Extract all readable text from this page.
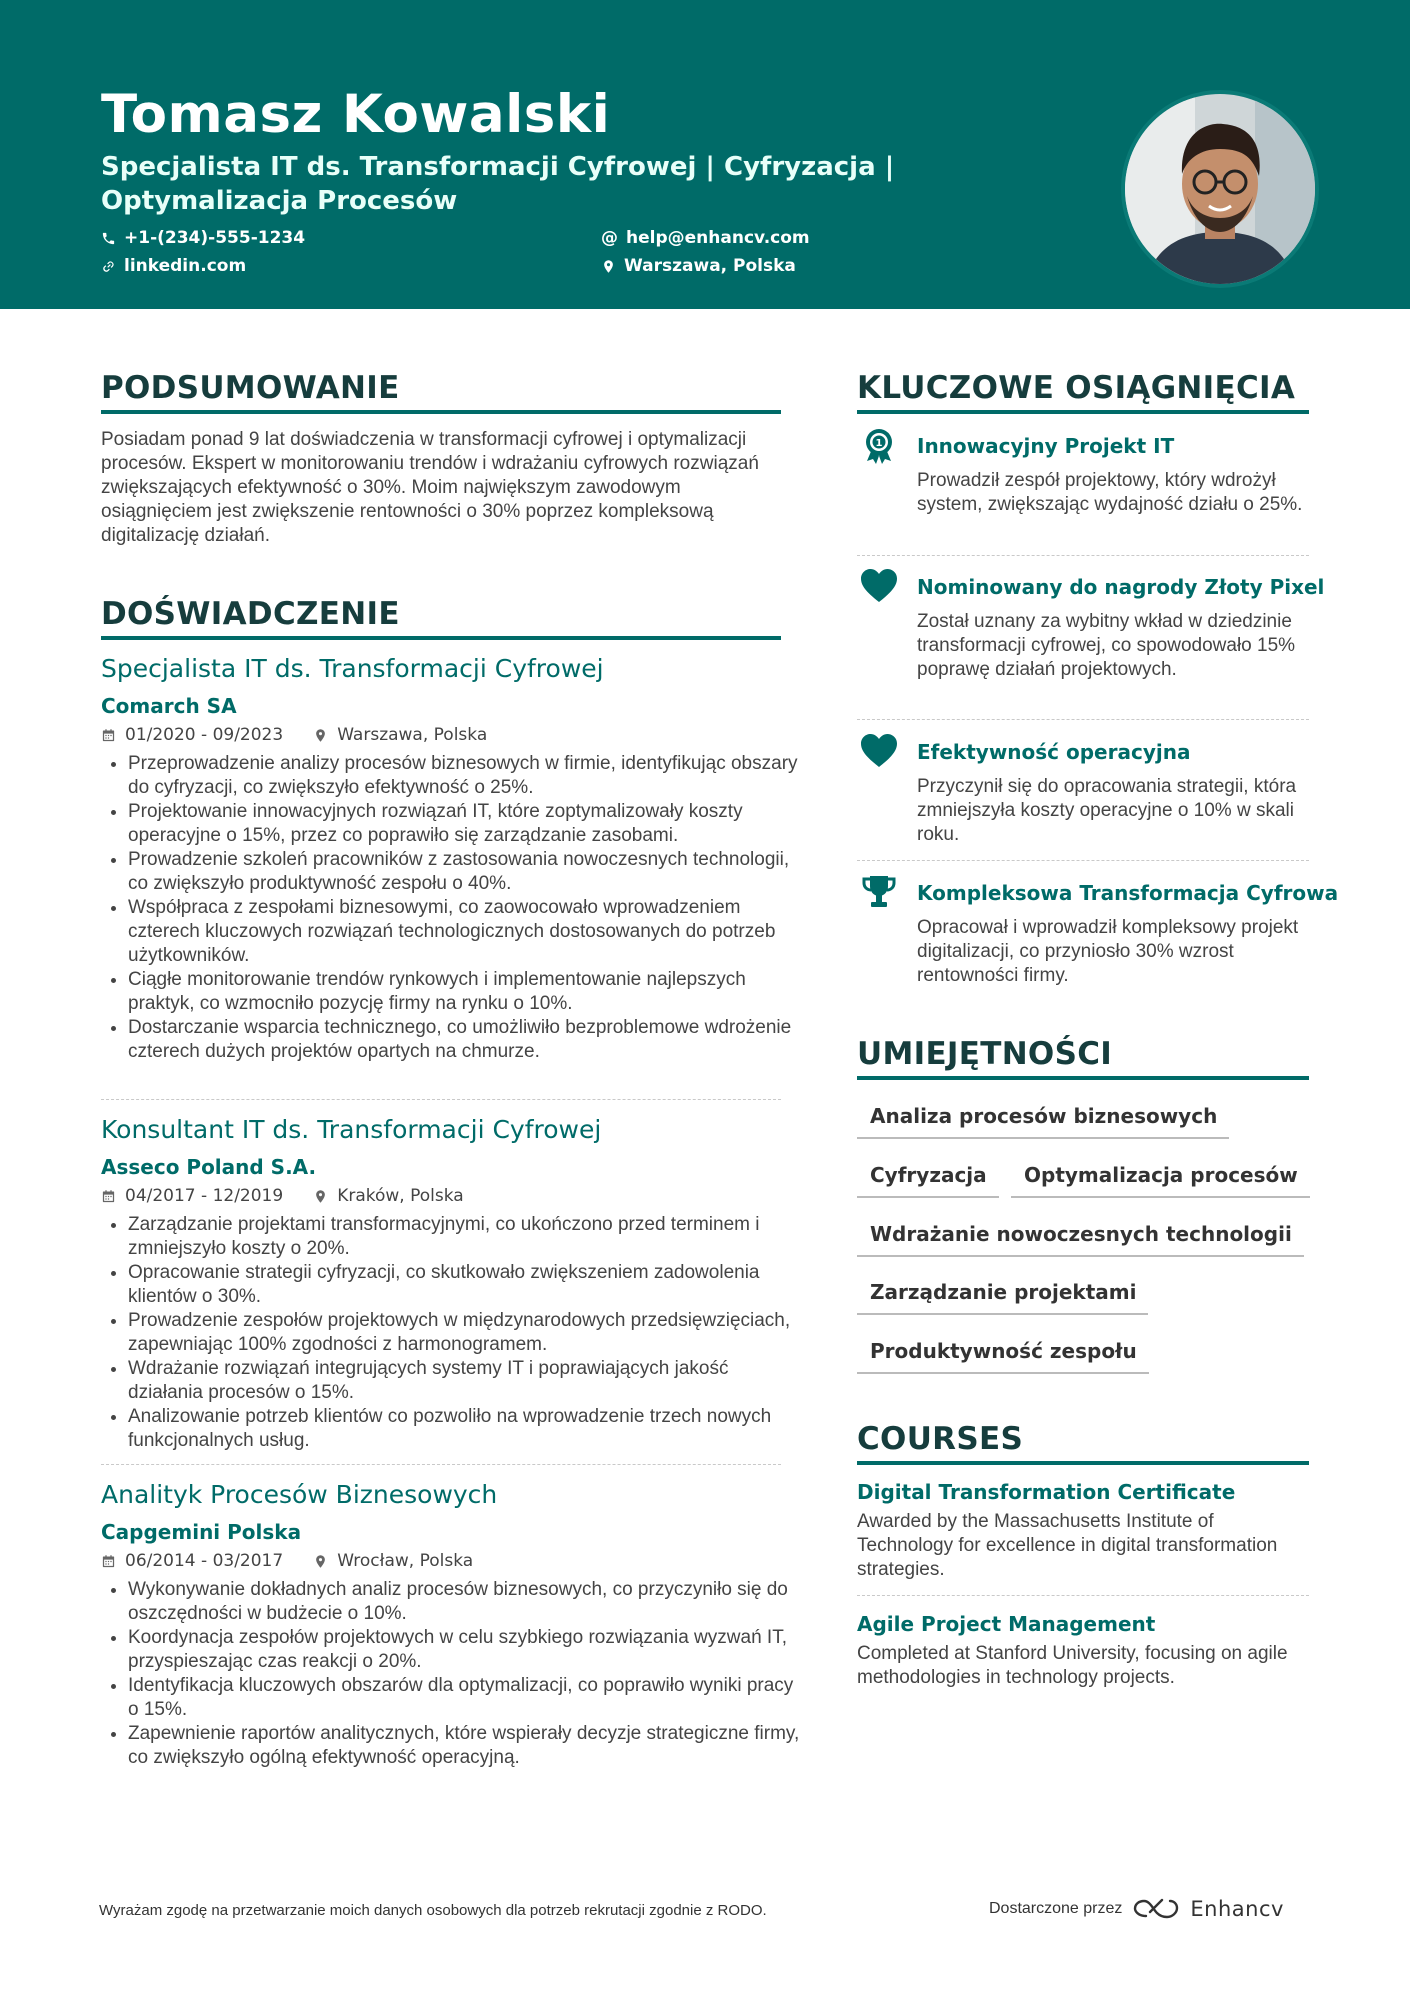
Tomasz Kowalski
Specjalista IT ds. Transformacji Cyfrowej | Cyfryzacja | Optymalizacja Procesów
+1-(234)-555-1234	@ help@enhancv.com
linkedin.com	Warszawa, Polska
PODSUMOWANIE
Posiadam ponad 9 lat doświadczenia w transformacji cyfrowej i optymalizacji procesów. Ekspert w monitorowaniu trendów i wdrażaniu cyfrowych rozwiązań zwiększających efektywność o 30%. Moim największym zawodowym osiągnięciem jest zwiększenie rentowności o 30% poprzez kompleksową digitalizację działań.
DOŚWIADCZENIE
Specjalista IT ds. Transformacji Cyfrowej
Comarch SA
01/2020 - 09/2023	Warszawa, Polska
• Przeprowadzenie analizy procesów biznesowych w firmie, identyfikując obszary do cyfryzacji, co zwiększyło efektywność o 25%.
• Projektowanie innowacyjnych rozwiązań IT, które zoptymalizowały koszty operacyjne o 15%, przez co poprawiło się zarządzanie zasobami.
• Prowadzenie szkoleń pracowników z zastosowania nowoczesnych technologii, co zwiększyło produktywność zespołu o 40%.
• Współpraca z zespołami biznesowymi, co zaowocowało wprowadzeniem czterech kluczowych rozwiązań technologicznych dostosowanych do potrzeb użytkowników.
• Ciągłe monitorowanie trendów rynkowych i implementowanie najlepszych praktyk, co wzmocniło pozycję firmy na rynku o 10%.
• Dostarczanie wsparcia technicznego, co umożliwiło bezproblemowe wdrożenie czterech dużych projektów opartych na chmurze.
Konsultant IT ds. Transformacji Cyfrowej
Asseco Poland S.A.
04/2017 - 12/2019	Kraków, Polska
• Zarządzanie projektami transformacyjnymi, co ukończono przed terminem i zmniejszyło koszty o 20%.
• Opracowanie strategii cyfryzacji, co skutkowało zwiększeniem zadowolenia klientów o 30%.
• Prowadzenie zespołów projektowych w międzynarodowych przedsięwzięciach, zapewniając 100% zgodności z harmonogramem.
• Wdrażanie rozwiązań integrujących systemy IT i poprawiających jakość działania procesów o 15%.
• Analizowanie potrzeb klientów co pozwoliło na wprowadzenie trzech nowych funkcjonalnych usług.
Analityk Procesów Biznesowych
Capgemini Polska
06/2014 - 03/2017	Wrocław, Polska
• Wykonywanie dokładnych analiz procesów biznesowych, co przyczyniło się do oszczędności w budżecie o 10%.
• Koordynacja zespołów projektowych w celu szybkiego rozwiązania wyzwań IT, przyspieszając czas reakcji o 20%.
• Identyfikacja kluczowych obszarów dla optymalizacji, co poprawiło wyniki pracy o 15%.
• Zapewnienie raportów analitycznych, które wspierały decyzje strategiczne firmy, co zwiększyło ogólną efektywność operacyjną.
KLUCZOWE OSIĄGNIĘCIA
1 Innowacyjny Projekt IT
Prowadził zespół projektowy, który wdrożył system, zwiększając wydajność działu o 25%.
Nominowany do nagrody Złoty Pixel
Został uznany za wybitny wkład w dziedzinie transformacji cyfrowej, co spowodowało 15% poprawę działań projektowych.
Efektywność operacyjna
Przyczynił się do opracowania strategii, która zmniejszyła koszty operacyjne o 10% w skali roku.
Kompleksowa Transformacja Cyfrowa
Opracował i wprowadził kompleksowy projekt digitalizacji, co przyniosło 30% wzrost rentowności firmy.
UMIEJĘTNOŚCI
Analiza procesów biznesowych
Cyfryzacja	Optymalizacja procesów
Wdrażanie nowoczesnych technologii
Zarządzanie projektami
Produktywność zespołu
COURSES
Digital Transformation Certificate
Awarded by the Massachusetts Institute of Technology for excellence in digital transformation strategies.
Agile Project Management
Completed at Stanford University, focusing on agile methodologies in technology projects.
Wyrażam zgodę na przetwarzanie moich danych osobowych dla potrzeb rekrutacji zgodnie z RODO.	Dostarczone przez	Enhancv
